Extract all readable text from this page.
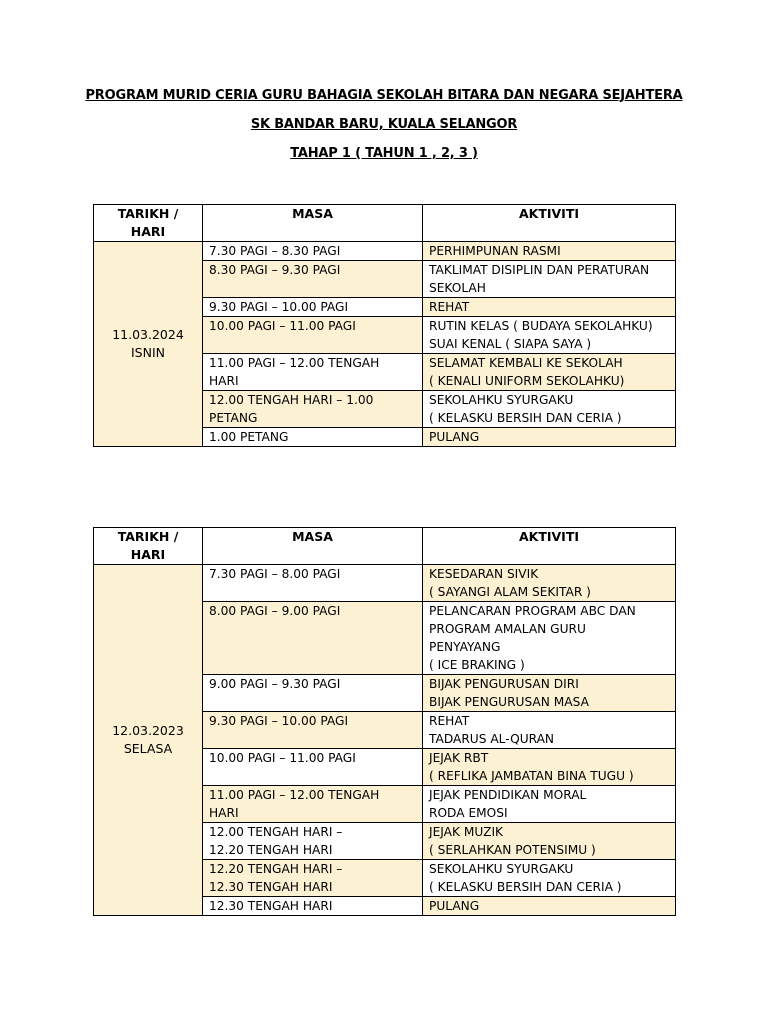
PROGRAM MURID CERIA GURU BAHAGIA SEKOLAH BITARA DAN NEGARA SEJAHTERA
SK BANDAR BARU, KUALA SELANGOR
TAHAP 1 ( TAHUN 1 , 2, 3 )
TARIKH / HARI	MASA	AKTIVITI

11.03.2024
ISNIN	7.30 PAGI – 8.30 PAGI	PERHIMPUNAN RASMI

	8.30 PAGI – 9.30 PAGI	TAKLIMAT DISIPLIN DAN PERATURAN
SEKOLAH

	9.30 PAGI – 10.00 PAGI	REHAT

	10.00 PAGI – 11.00 PAGI	RUTIN KELAS ( BUDAYA SEKOLAHKU)
SUAI KENAL ( SIAPA SAYA )

	11.00 PAGI – 12.00 TENGAH
HARI	SELAMAT KEMBALI KE SEKOLAH
( KENALI UNIFORM SEKOLAHKU)

	12.00 TENGAH HARI – 1.00
PETANG	SEKOLAHKU SYURGAKU
( KELASKU BERSIH DAN CERIA )

	1.00 PETANG	PULANG
TARIKH / HARI	MASA	AKTIVITI

12.03.2023
SELASA	7.30 PAGI – 8.00 PAGI	KESEDARAN SIVIK
( SAYANGI ALAM SEKITAR )

	8.00 PAGI – 9.00 PAGI	PELANCARAN PROGRAM ABC DAN
PROGRAM AMALAN GURU
PENYAYANG
( ICE BRAKING )

	9.00 PAGI – 9.30 PAGI	BIJAK PENGURUSAN DIRI
BIJAK PENGURUSAN MASA

	9.30 PAGI – 10.00 PAGI	REHAT
TADARUS AL-QURAN

	10.00 PAGI – 11.00 PAGI	JEJAK RBT
( REFLIKA JAMBATAN BINA TUGU )

	11.00 PAGI – 12.00 TENGAH
HARI	JEJAK PENDIDIKAN MORAL
RODA EMOSI

	12.00 TENGAH HARI –
12.20 TENGAH HARI	JEJAK MUZIK
( SERLAHKAN POTENSIMU )

	12.20 TENGAH HARI –
12.30 TENGAH HARI	SEKOLAHKU SYURGAKU
( KELASKU BERSIH DAN CERIA )

	12.30 TENGAH HARI	PULANG
